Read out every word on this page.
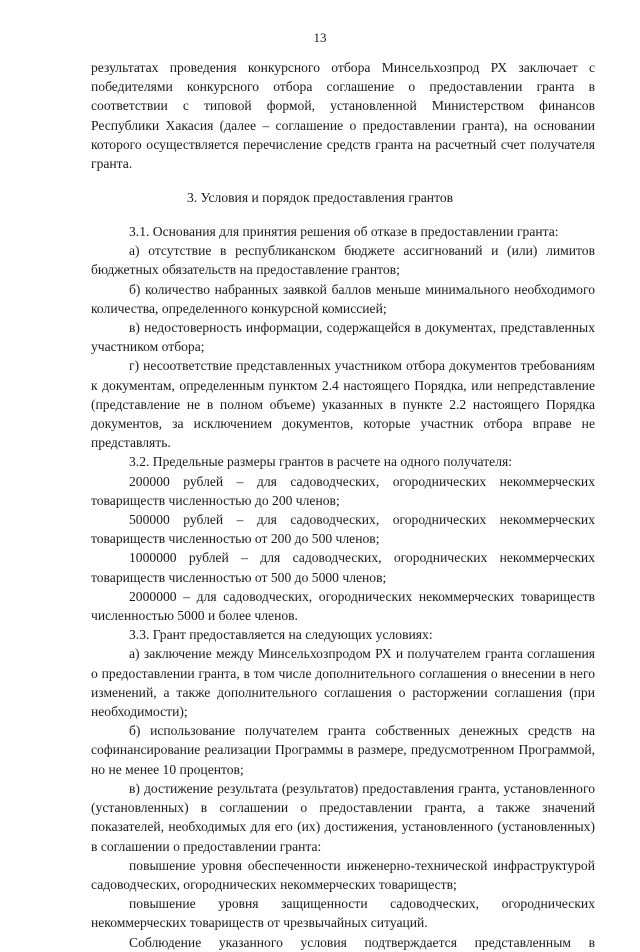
13

результатах проведения конкурсного отбора Минсельхозпрод РХ заключает с победителями конкурсного отбора соглашение о предоставлении гранта в соответствии с типовой формой, установленной Министерством финансов Республики Хакасия (далее – соглашение о предоставлении гранта), на основании которого осуществляется перечисление средств гранта на расчетный счет получателя гранта.

3. Условия и порядок предоставления грантов

3.1. Основания для принятия решения об отказе в предоставлении гранта:

а) отсутствие в республиканском бюджете ассигнований и (или) лимитов бюджетных обязательств на предоставление грантов;

б) количество набранных заявкой баллов меньше минимального необходимого количества, определенного конкурсной комиссией;

в) недостоверность информации, содержащейся в документах, представленных участником отбора;

г) несоответствие представленных участником отбора документов требованиям к документам, определенным пунктом 2.4 настоящего Порядка, или непредставление (представление не в полном объеме) указанных в пункте 2.2 настоящего Порядка документов, за исключением документов, которые участник отбора вправе не представлять.

3.2. Предельные размеры грантов в расчете на одного получателя:

200000 рублей – для садоводческих, огороднических некоммерческих товариществ численностью до 200 членов;

500000 рублей – для садоводческих, огороднических некоммерческих товариществ численностью от 200 до 500 членов;

1000000 рублей – для садоводческих, огороднических некоммерческих товариществ численностью от 500 до 5000 членов;

2000000 – для садоводческих, огороднических некоммерческих товариществ численностью 5000 и более членов.

3.3. Грант предоставляется на следующих условиях:

а) заключение между Минсельхозпродом РХ и получателем гранта соглашения о предоставлении гранта, в том числе дополнительного соглашения о внесении в него изменений, а также дополнительного соглашения о расторжении соглашения (при необходимости);

б) использование получателем гранта собственных денежных средств на софинансирование реализации Программы в размере, предусмотренном Программой, но не менее 10 процентов;

в) достижение результата (результатов) предоставления гранта, установленного (установленных) в соглашении о предоставлении гранта, а также значений показателей, необходимых для его (их) достижения, установленного (установленных) в соглашении о предоставлении гранта:

повышение уровня обеспеченности инженерно-технической инфраструктурой садоводческих, огороднических некоммерческих товариществ;

повышение уровня защищенности садоводческих, огороднических некоммерческих товариществ от чрезвычайных ситуаций.

Соблюдение указанного условия подтверждается представленным в
